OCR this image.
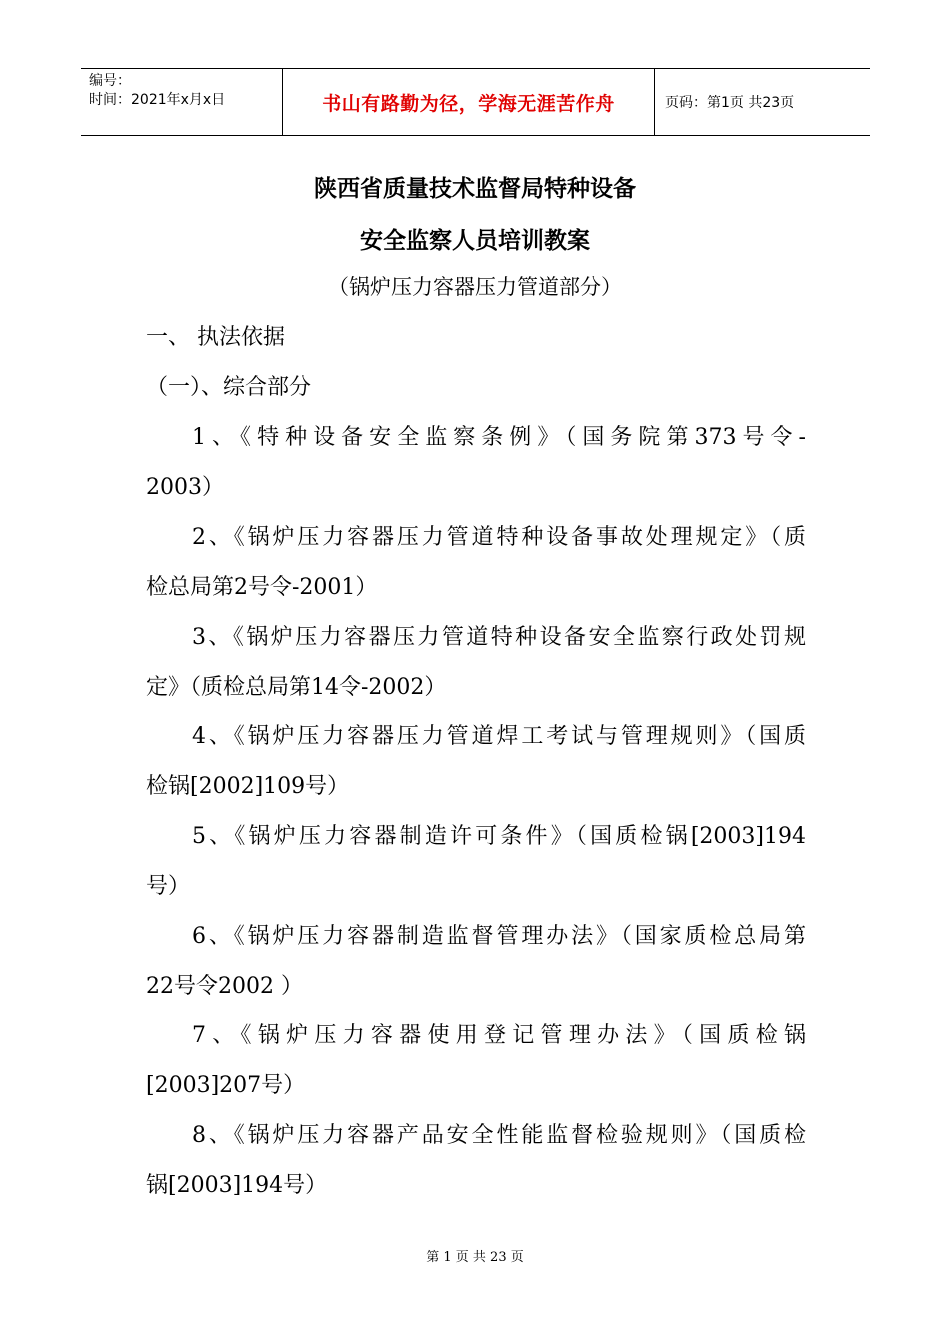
编号：
时间：2021年x月x日	书山有路勤为径，学海无涯苦作舟	页码：第1页 共23页
陕西省质量技术监督局特种设备
安全监察人员培训教案
（锅炉压力容器压力管道部分）
一、 执法依据
（一）、综合部分
1、《特种设备安全监察条例》（国务院第373号令-
2003）
2、《锅炉压力容器压力管道特种设备事故处理规定》（质
检总局第2号令-2001）
3、《锅炉压力容器压力管道特种设备安全监察行政处罚规
定》（质检总局第14令-2002）
4、《锅炉压力容器压力管道焊工考试与管理规则》（国质
检锅[2002]109号）
5、《锅炉压力容器制造许可条件》（国质检锅[2003]194
号）
6、《锅炉压力容器制造监督管理办法》（国家质检总局第
22号令2002 ）
7、《锅炉压力容器使用登记管理办法》（国质检锅
[2003]207号）
8、《锅炉压力容器产品安全性能监督检验规则》（国质检
锅[2003]194号）
第 1 页 共 23 页
